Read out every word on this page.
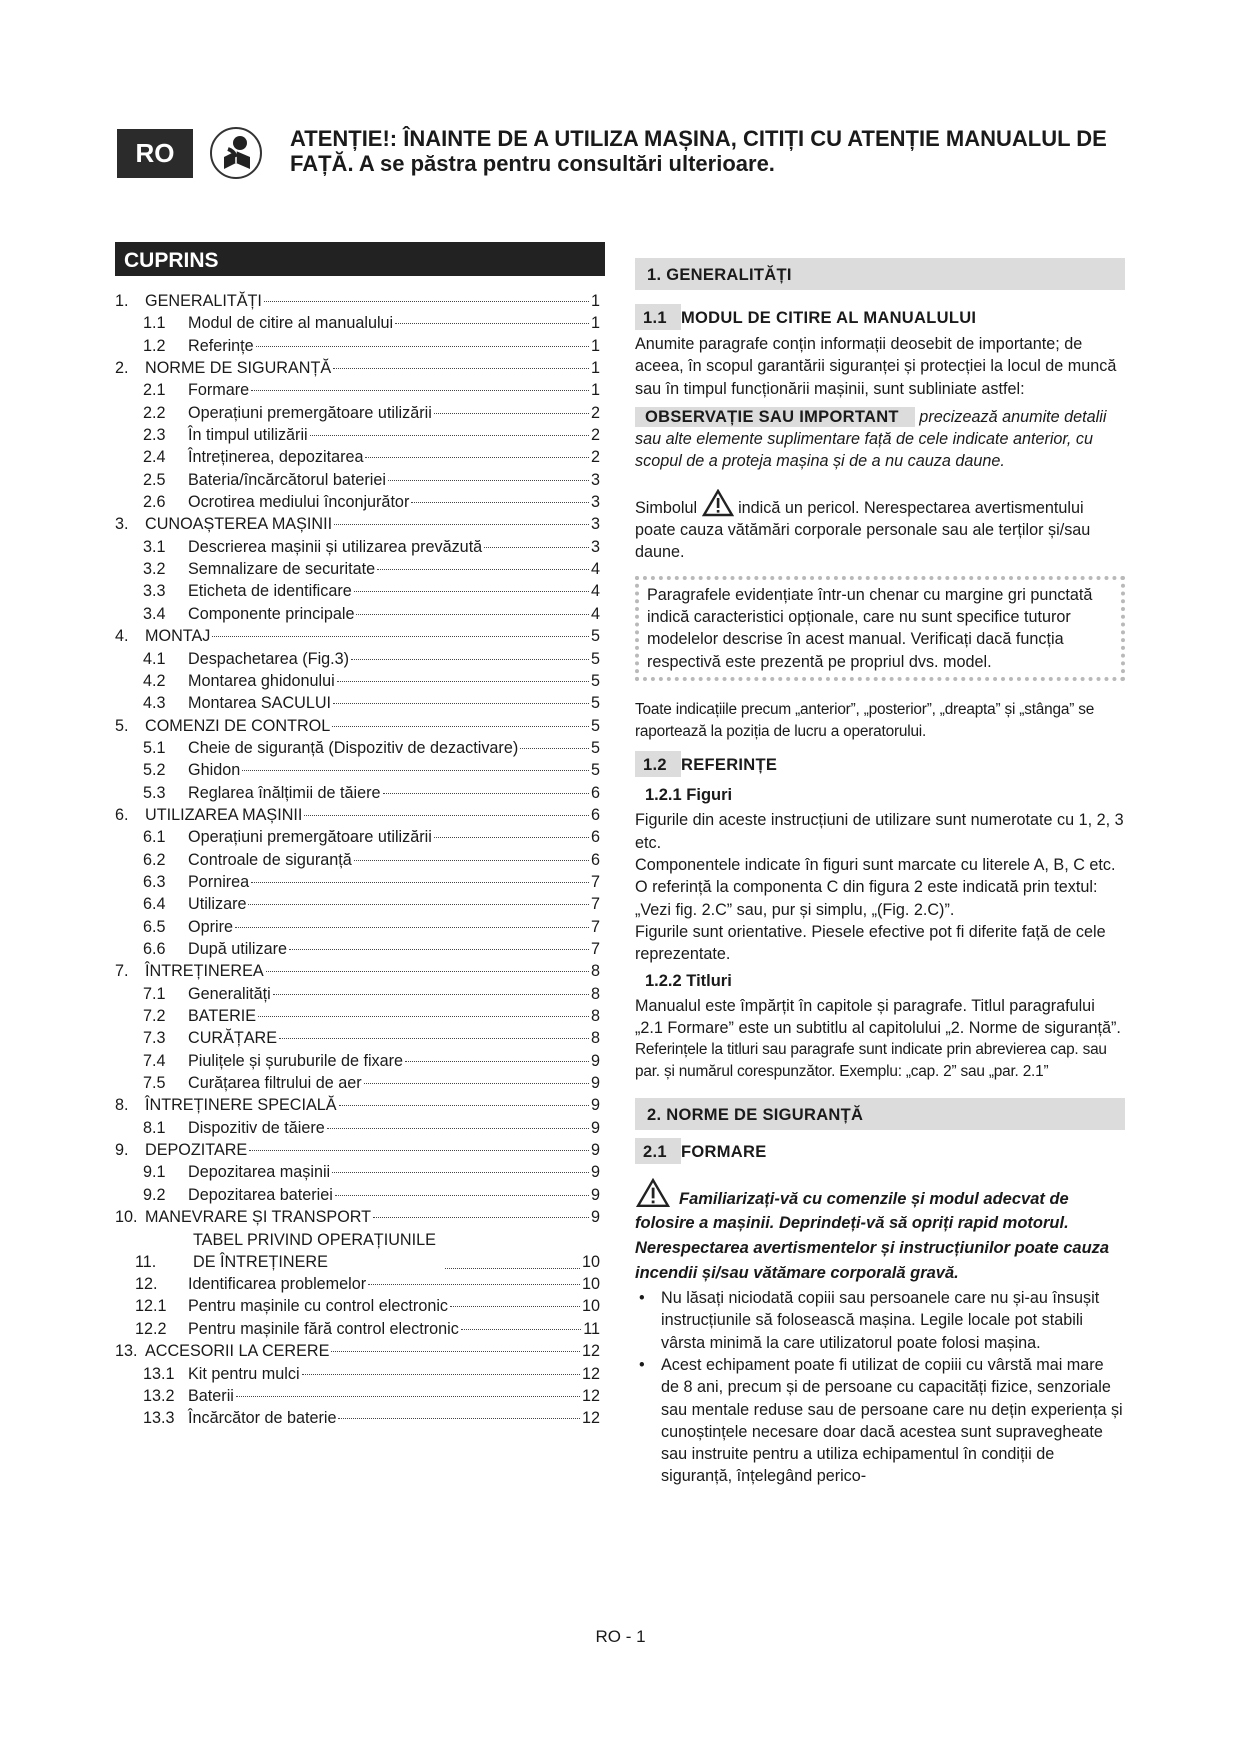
RO	ATENȚIE!: ÎNAINTE DE A UTILIZA MAȘINA, CITIȚI CU ATENȚIE MANUALUL DE FAȚĂ. A se păstra pentru consultări ulterioare.
CUPRINS
1.	GENERALITĂȚI	1
1.1	Modul de citire al manualului	1
1.2	Referințe	1
2.	NORME DE SIGURANȚĂ	1
2.1	Formare	1
2.2	Operațiuni premergătoare utilizării	2
2.3	În timpul utilizării	2
2.4	Întreținerea, depozitarea	2
2.5	Bateria/încărcătorul bateriei	3
2.6	Ocrotirea mediului înconjurător	3
3.	CUNOAȘTEREA MAȘINII	3
3.1	Descrierea mașinii și utilizarea prevăzută	3
3.2	Semnalizare de securitate	4
3.3	Eticheta de identificare	4
3.4	Componente principale	4
4.	MONTAJ	5
4.1	Despachetarea (Fig.3)	5
4.2	Montarea ghidonului	5
4.3	Montarea SACULUI	5
5.	COMENZI DE CONTROL	5
5.1	Cheie de siguranță (Dispozitiv de dezactivare)	5
5.2	Ghidon	5
5.3	Reglarea înălțimii de tăiere	6
6.	UTILIZAREA MAȘINII	6
6.1	Operațiuni premergătoare utilizării	6
6.2	Controale de siguranță	6
6.3	Pornirea	7
6.4	Utilizare	7
6.5	Oprire	7
6.6	După utilizare	7
7.	ÎNTREȚINEREA	8
7.1	Generalități	8
7.2	BATERIE	8
7.3	CURĂȚARE	8
7.4	Piulițele și șuruburile de fixare	9
7.5	Curățarea filtrului de aer	9
8.	ÎNTREȚINERE SPECIALĂ	9
8.1	Dispozitiv de tăiere	9
9.	DEPOZITARE	9
9.1	Depozitarea mașinii	9
9.2	Depozitarea bateriei	9
10. MANEVRARE ȘI TRANSPORT	9
11.
TABEL PRIVIND OPERAȚIUNILE DE ÎNTREȚINERE	10
12.	Identificarea problemelor	10
12.1	Pentru mașinile cu control electronic	10
12.2	Pentru mașinile fără control electronic	11
13. ACCESORII LA CERERE	12
13.1 Kit pentru mulci	12
13.2 Baterii	12
13.3 Încărcător de baterie	12
1. GENERALITĂȚI
1.1 MODUL DE CITIRE AL MANUALULUI
Anumite paragrafe conțin informații deosebit de importante; de aceea, în scopul garantării siguranței și protecției la locul de muncă sau în timpul funcționării mașinii, sunt subliniate astfel:
OBSERVAȚIE SAU IMPORTANT precizează anumite detalii sau alte elemente suplimentare față de cele indicate anterior, cu scopul de a proteja mașina și de a nu cauza daune.
Simbolul  indică un pericol. Nerespectarea avertismentului poate cauza vătămări corporale personale sau ale terților și/sau daune.
Paragrafele evidențiate într-un chenar cu margine gri punctată indică caracteristici opționale, care nu sunt specifice tuturor modelelor descrise în acest manual. Verificați dacă funcția respectivă este prezentă pe propriul dvs. model.
Toate indicațiile precum „anterior”, „posterior”, „dreapta” și „stânga” se raportează la poziția de lucru a operatorului.
1.2 REFERINȚE
1.2.1 Figuri
Figurile din aceste instrucțiuni de utilizare sunt numerotate cu 1, 2, 3 etc.
Componentele indicate în figuri sunt marcate cu literele A, B, C etc.
O referință la componenta C din figura 2 este indicată prin textul: „Vezi fig. 2.C” sau, pur și simplu, „(Fig. 2.C)”.
Figurile sunt orientative. Piesele efective pot fi diferite față de cele reprezentate.
1.2.2 Titluri
Manualul este împărțit în capitole și paragrafe. Titlul paragrafului „2.1 Formare” este un subtitlu al capitolului „2. Norme de siguranță”.
Referințele la titluri sau paragrafe sunt indicate prin abrevierea cap. sau par. și numărul corespunzător. Exemplu: „cap. 2” sau „par. 2.1”
2. NORME DE SIGURANȚĂ
2.1 FORMARE
Familiarizați-vă cu comenzile și modul adecvat de folosire a mașinii. Deprindeți-vă să opriți rapid motorul. Nerespectarea avertismentelor și instrucțiunilor poate cauza incendii și/sau vătămare corporală gravă.
•	Nu lăsați niciodată copiii sau persoanele care nu și-au însușit instrucțiunile să folosească mașina. Legile locale pot stabili vârsta minimă la care utilizatorul poate folosi mașina.
•	Acest echipament poate fi utilizat de copiii cu vârstă mai mare de 8 ani, precum și de persoane cu capacități fizice, senzoriale sau mentale reduse sau de persoane care nu dețin experiența și cunoștințele necesare doar dacă acestea sunt supravegheate sau instruite pentru a utiliza echipamentul în condiții de siguranță, înțelegând perico-
RO - 1
